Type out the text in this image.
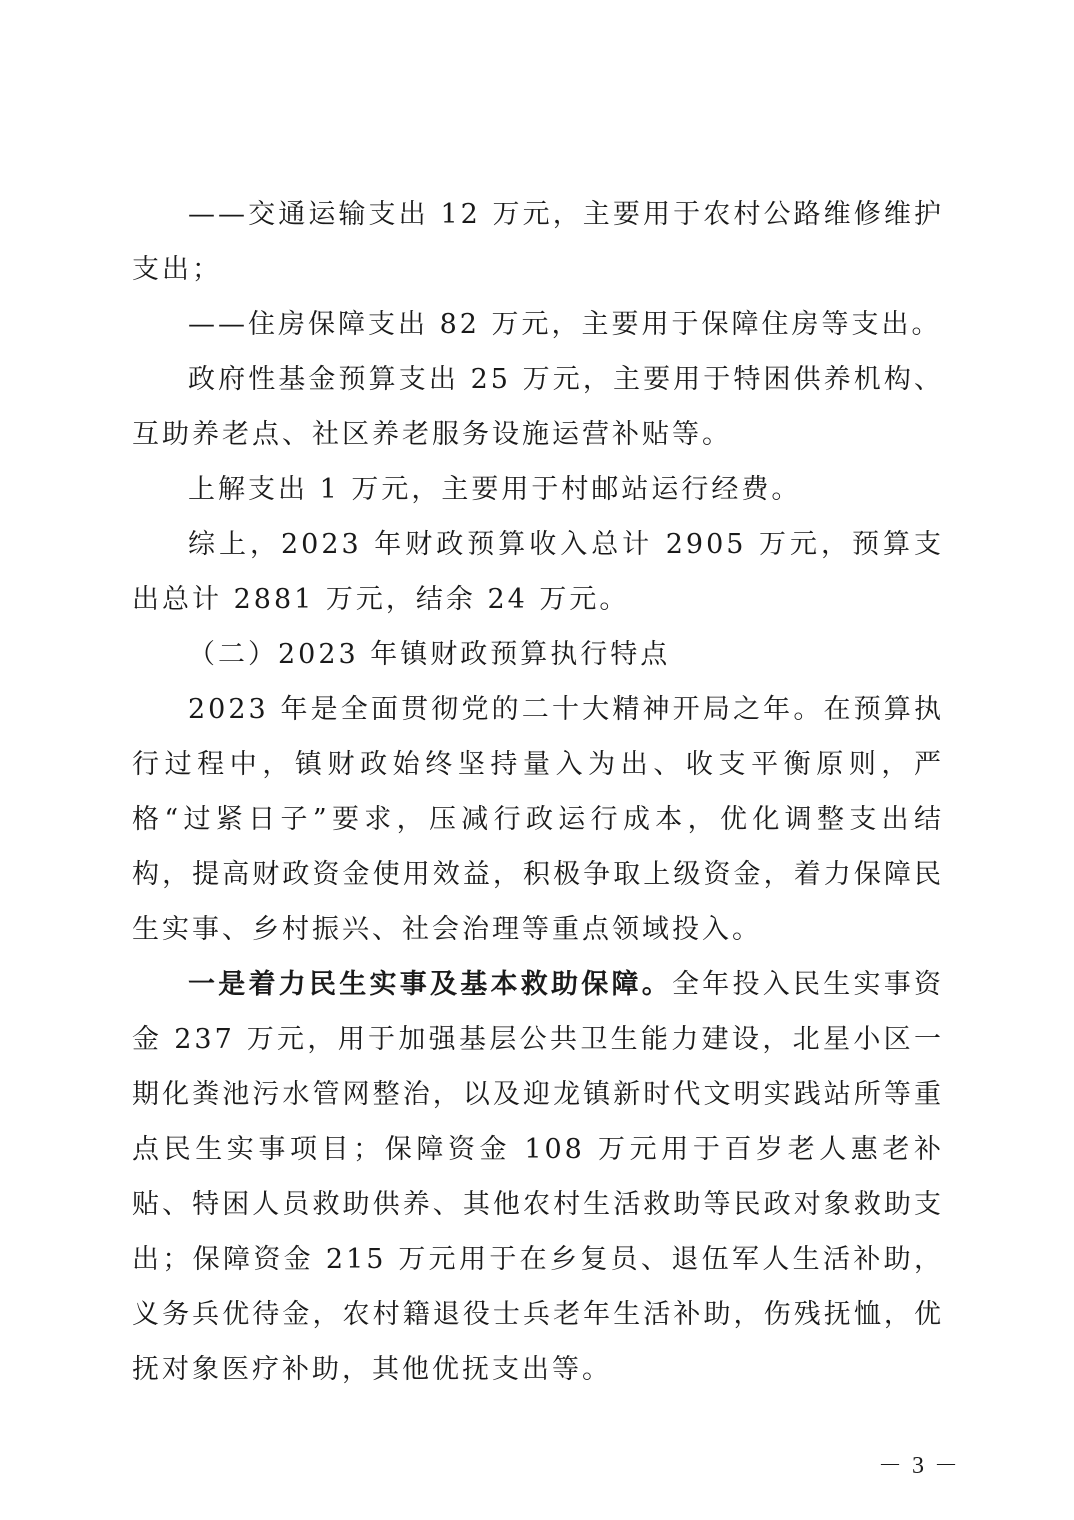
——交通运输支出 12 万元，主要用于农村公路维修维护支出；

——住房保障支出 82 万元，主要用于保障住房等支出。

政府性基金预算支出 25 万元，主要用于特困供养机构、互助养老点、社区养老服务设施运营补贴等。

上解支出 1 万元，主要用于村邮站运行经费。

综上，2023 年财政预算收入总计 2905 万元，预算支出总计 2881 万元，结余 24 万元。

（二）2023 年镇财政预算执行特点

2023 年是全面贯彻党的二十大精神开局之年。在预算执行过程中，镇财政始终坚持量入为出、收支平衡原则，严格“过紧日子”要求，压减行政运行成本，优化调整支出结构，提高财政资金使用效益，积极争取上级资金，着力保障民生实事、乡村振兴、社会治理等重点领域投入。

一是着力民生实事及基本救助保障。全年投入民生实事资金 237 万元，用于加强基层公共卫生能力建设，北星小区一期化粪池污水管网整治，以及迎龙镇新时代文明实践站所等重点民生实事项目；保障资金 108 万元用于百岁老人惠老补贴、特困人员救助供养、其他农村生活救助等民政对象救助支出；保障资金 215 万元用于在乡复员、退伍军人生活补助，义务兵优待金，农村籍退役士兵老年生活补助，伤残抚恤，优抚对象医疗补助，其他优抚支出等。

－ 3 －
